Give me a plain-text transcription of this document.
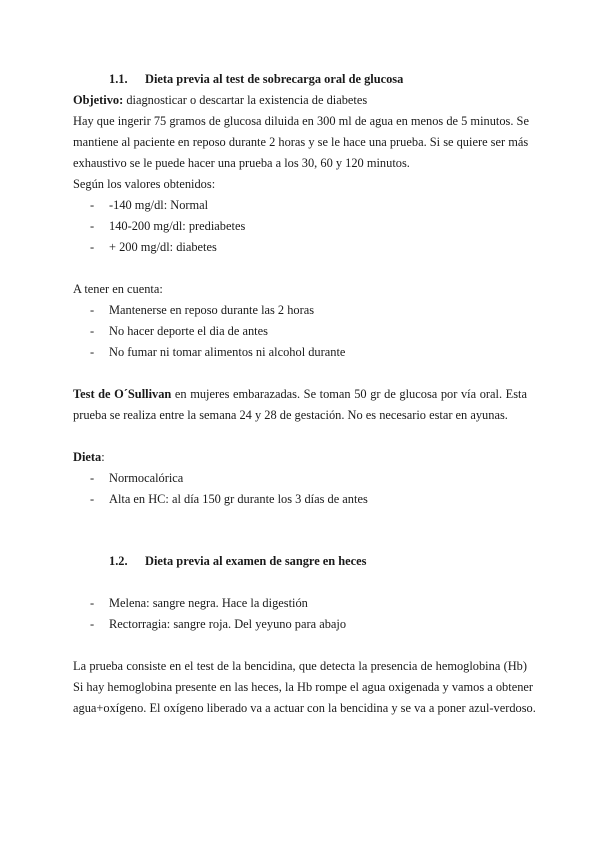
1.1. Dieta previa al test de sobrecarga oral de glucosa
Objetivo: diagnosticar o descartar la existencia de diabetes
Hay que ingerir 75 gramos de glucosa diluida en 300 ml de agua en menos de 5 minutos. Se
mantiene al paciente en reposo durante 2 horas y se le hace una prueba. Si se quiere ser más
exhaustivo se le puede hacer una prueba a los 30, 60 y 120 minutos.
Según los valores obtenidos:
- -140 mg/dl: Normal
- 140-200 mg/dl: prediabetes
- + 200 mg/dl: diabetes
A tener en cuenta:
- Mantenerse en reposo durante las 2 horas
- No hacer deporte el dia de antes
- No fumar ni tomar alimentos ni alcohol durante
Test de O´Sullivan en mujeres embarazadas. Se toman 50 gr de glucosa por vía oral. Esta
prueba se realiza entre la semana 24 y 28 de gestación. No es necesario estar en ayunas.
Dieta:
- Normocalórica
- Alta en HC: al día 150 gr durante los 3 días de antes
1.2. Dieta previa al examen de sangre en heces
- Melena: sangre negra. Hace la digestión
- Rectorragia: sangre roja. Del yeyuno para abajo
La prueba consiste en el test de la bencidina, que detecta la presencia de hemoglobina (Hb)
Si hay hemoglobina presente en las heces, la Hb rompe el agua oxigenada y vamos a obtener
agua+oxígeno. El oxígeno liberado va a actuar con la bencidina y se va a poner azul-verdoso.
